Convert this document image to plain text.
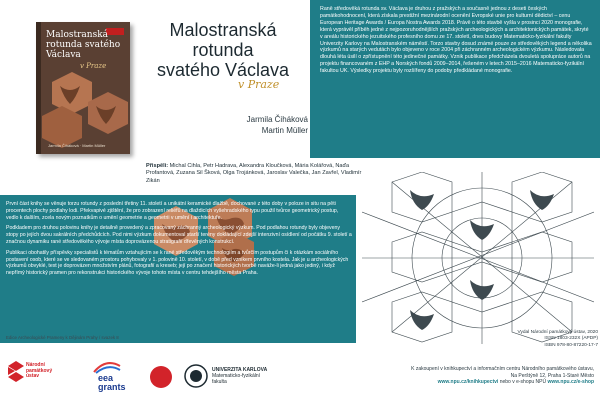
Malostranská rotunda svatého Václava
v Praze
Jarmila Čiháková · Martin Müller
Malostranská
rotunda
svatého Václava
v Praze
Jarmila Čiháková
Martin Müller
Raně středověká rotunda sv. Václava je druhou z pražských a současně jednou z deseti českých památkohodnocení, která získala prestižní mezinárodní ocenění Evropské unie pro kulturní dědictví – cenu European Heritage Awards / Europa Nostra Awards 2018. Právě o této stavbě vyšla v prosinci 2020 monografie, která vyprávěl příběh jedné z nejpozoruhodnějších pražských archeologických a architektonických památek, skryté v areálu historického jezuitského profesního domu ze 17. století, dnes budovy Matematicko-fyzikální fakulty Univerzity Karlovy na Malostranském náměstí. Torzo stavby dosud známé pouze ze středověkých legend a několika výzkumů na starých vedutách bylo objeveno v roce 2004 při záchranném archeologickém výzkumu. Následovala dlouhá léta úsilí o zpřístupnění této jedinečné památky. Vznik publikace předcházela dvouletá spolupráce autorů na projektu financovaném z EHP a Norských fondů 2009–2014, řešeném v letech 2015–2016 Matematicko-fyzikální fakultou UK. Výsledky projektu byly rozšířeny do podoby předkládané monografie.
Přispěli: Michal Cihla, Petr Hadrava, Alexandra Kloučková, Mária Kolářová, Naďa Profantová, Zuzana Sil Šková, Olga Trojánková, Jaroslav Valečka, Jan Zavřel, Vladimír Zikán

První část knihy se věnuje torzu rotundy z poslední třetiny 11. století a unikátní keramické dlažbě, dochované z této doby v poloze in situ na pěti procentech plochy podlahy lodi. Překvapivé zjištění, že pro zobrazení reliéfů na dlaždicích vyšehradského typu použil tvůrce geometrický postup, vedlo k dalším, zcela novým poznatkům o umění geometrie a geometrii v umění i architektuře.

Podkladem pro druhou polovinu knihy je detailně provedený a zpracovaný záchranný archeologický výzkum. Pod podlahou rotundy byly objeveny stopy po jejích dvou sakrálních předchůdcích. Pod nimi výzkum dokumentoval starší terény dokládající zdejší intenzivní osídlení od počátku 9. století a značnou dynamiku rané středověkého vývoje místa doprovázenou stratigrafií dřevěných konstrukcí.

Publikaci obohatily příspěvky specialistů k tématům vztahujícím se k rané středověkým technologiím a tvůrčím postupům či k otázkám sociálního postavení osob, které se ve sledovaném prostoru pohybovaly v 1. polovině 10. století, v době před vznikem prvního kostela. Jak je u archeologických výzkumů obvyklé, text je doprovázen množstvím plánů, fotografií a kreseb; její po značení historických tvorbě naváže-li jedná jako jediný, i když nepřímý historický pramen pro rekonstrukci historického vývoje tohoto místa v centru tehdejšího města Praha.

Edice Archeologické Prameny k Dějinám Prahy / svazek 8
Vydal Národní památkový ústav, 2020
ISSN 1803-232X (APDP)
ISBN 978-80-87220-17-7
K zakoupení v knihkupectví a informačním centru Národního památkového ústavu,
Na Perštýně 12, Praha 1-Staré Město
www.npu.cz/knihkupectvi nebo v e-shopu NPÚ www.npu.cz/e-shop
Národní
památkový
ústav	eea
grants
UNIVERZITA KARLOVA
Matematicko-fyzikální
fakulta
